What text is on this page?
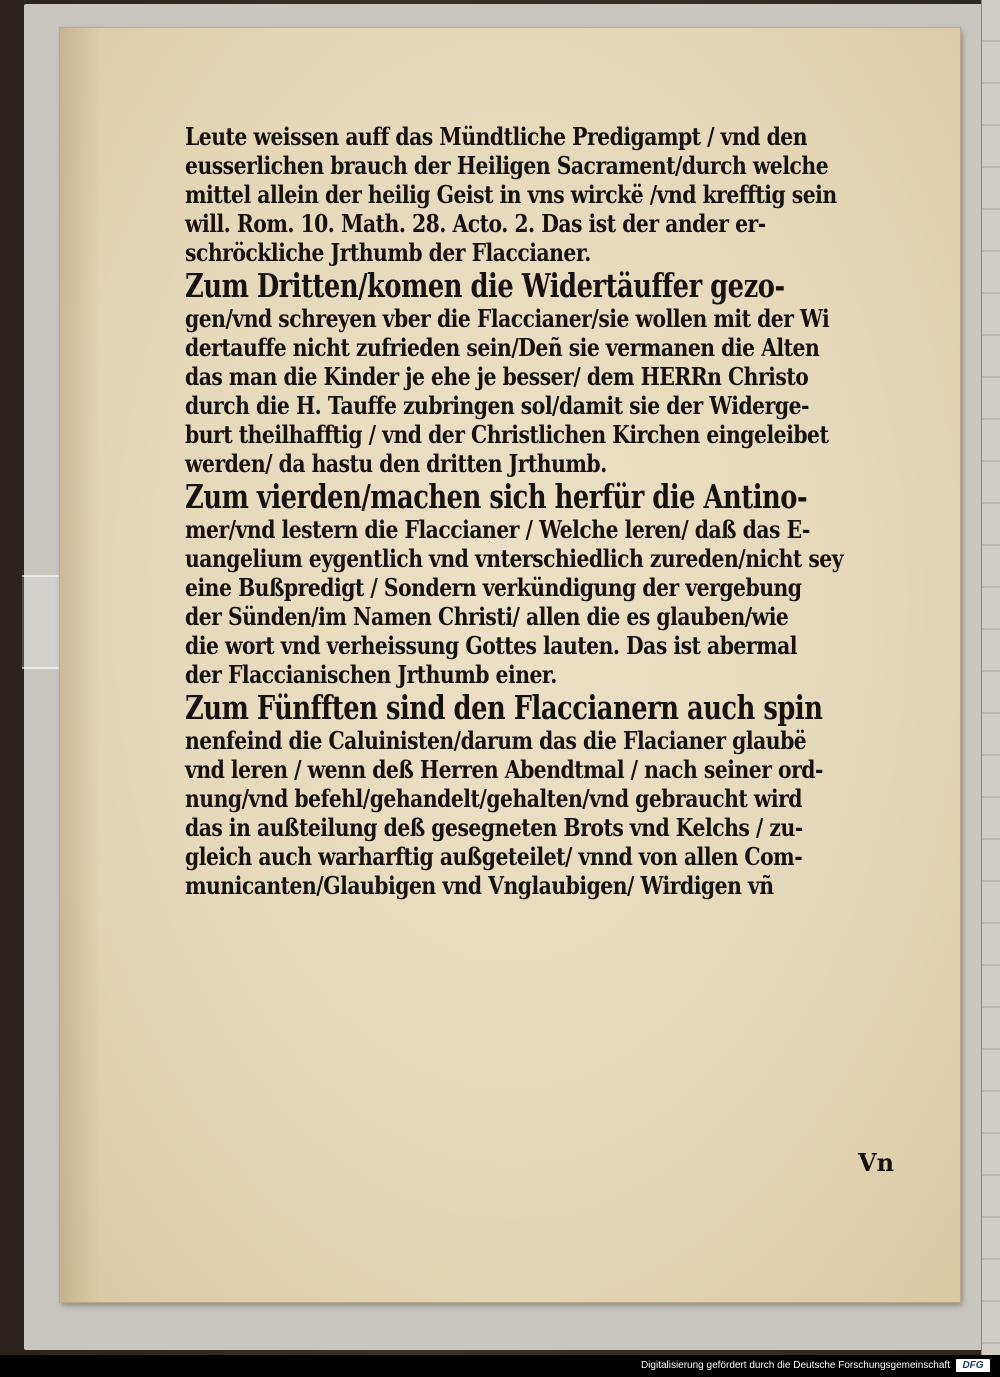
Leute weissen auff das Mündtliche Predigampt / vnd den
eusserlichen brauch der Heiligen Sacrament/durch welche
mittel allein der heilig Geist in vns wirckë /vnd krefftig sein
will. Rom. 10. Math. 28. Acto. 2. Das ist der ander er-
schröckliche Jrthumb der Flaccianer.
Zum Dritten/komen die Widertäuffer gezo-
gen/vnd schreyen vber die Flaccianer/sie wollen mit der Wi
dertauffe nicht zufrieden sein/Deñ sie vermanen die Alten
das man die Kinder je ehe je besser/ dem HERRn Christo
durch die H. Tauffe zubringen sol/damit sie der Widerge-
burt theilhafftig / vnd der Christlichen Kirchen eingeleibet
werden/ da hastu den dritten Jrthumb.
Zum vierden/machen sich herfür die Antino-
mer/vnd lestern die Flaccianer / Welche leren/ daß das E-
uangelium eygentlich vnd vnterschiedlich zureden/nicht sey
eine Bußpredigt / Sondern verkündigung der vergebung
der Sünden/im Namen Christi/ allen die es glauben/wie
die wort vnd verheissung Gottes lauten. Das ist abermal
der Flaccianischen Jrthumb einer.
Zum Fünfften sind den Flaccianern auch spin
nenfeind die Caluinisten/darum das die Flacianer glaubë
vnd leren / wenn deß Herren Abendtmal / nach seiner ord-
nung/vnd befehl/gehandelt/gehalten/vnd gebraucht wird
das in außteilung deß gesegneten Brots vnd Kelchs / zu-
gleich auch warharftig außgeteilet/ vnnd von allen Com-
municanten/Glaubigen vnd Vnglaubigen/ Wirdigen vñ
Vn
Digitalisierung gefördert durch die Deutsche Forschungsgemeinschaft	DFG
